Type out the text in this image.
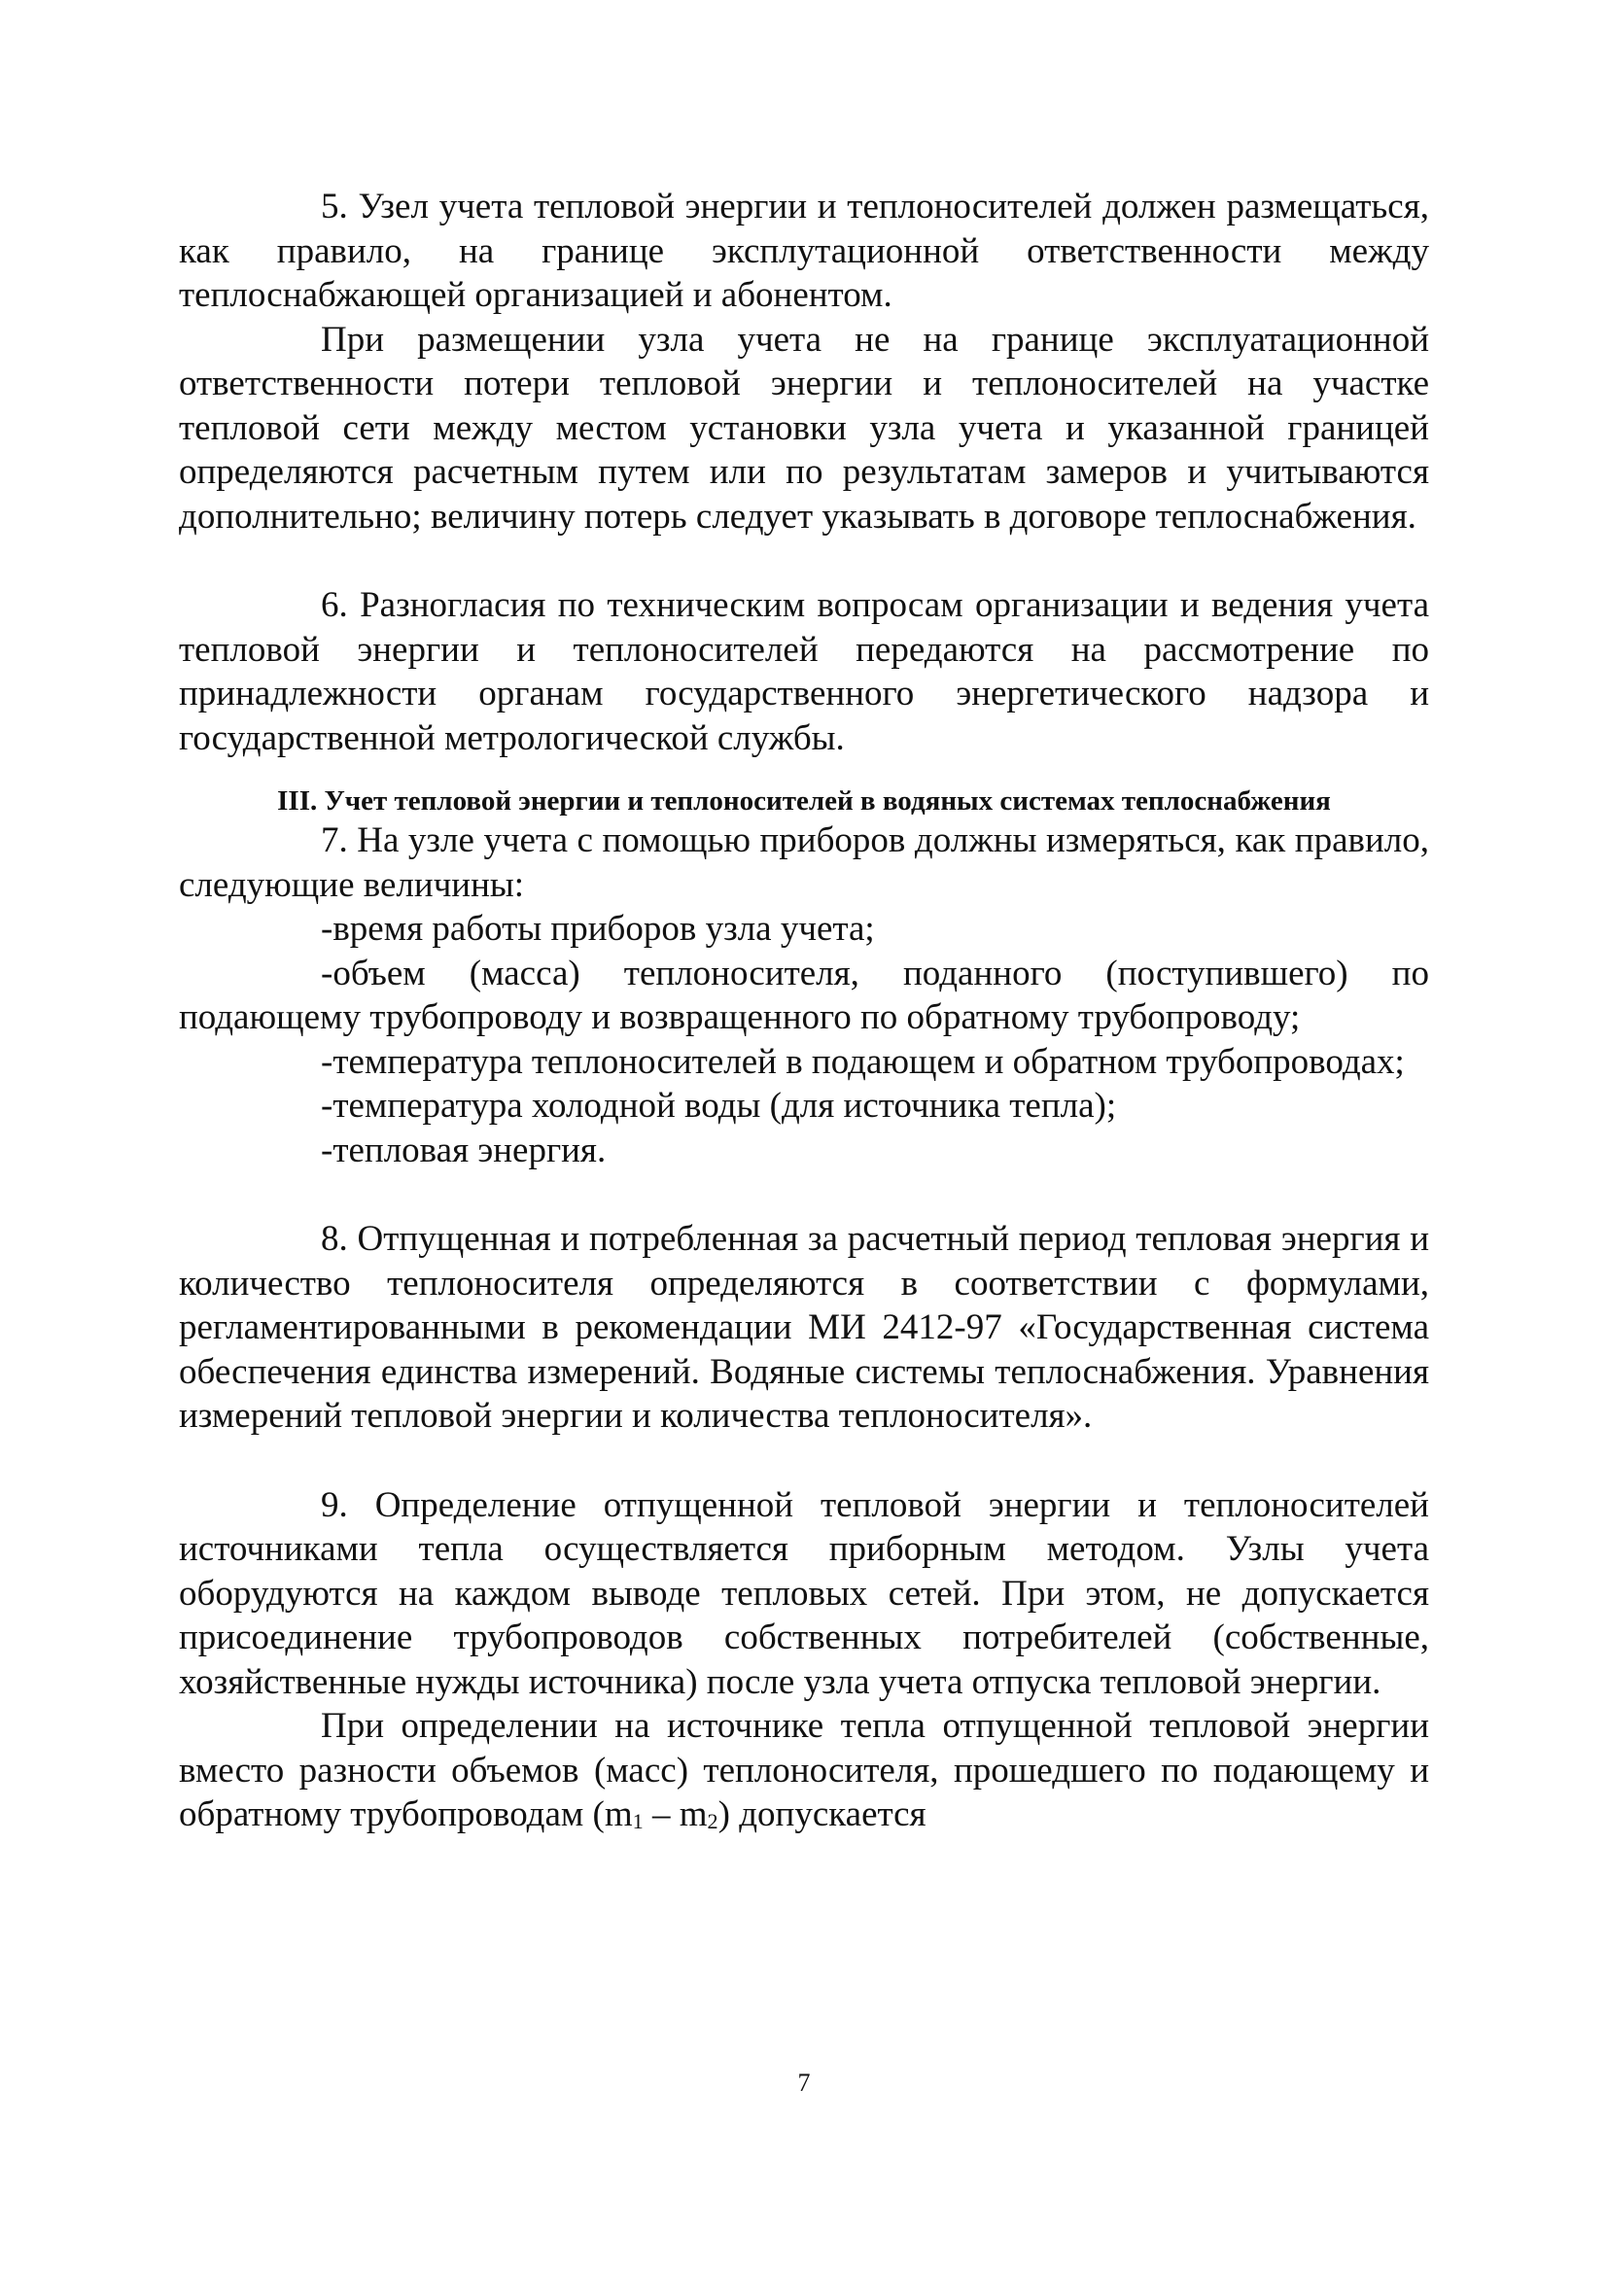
5. Узел учета тепловой энергии и теплоносителей должен размещаться, как правило, на границе эксплутационной ответственности между теплоснабжающей организацией и абонентом.

При размещении узла учета не на границе эксплуатационной ответственности потери тепловой энергии и теплоносителей на участке тепловой сети между местом установки узла учета и указанной границей определяются расчетным путем или по результатам замеров и учитываются дополнительно; величину потерь следует указывать в договоре теплоснабжения.

6. Разногласия по техническим вопросам организации и ведения учета тепловой энергии и теплоносителей передаются на рассмотрение по принадлежности органам государственного энергетического надзора и государственной метрологической службы.

III. Учет тепловой энергии и теплоносителей в водяных системах теплоснабжения

7. На узле учета с помощью приборов должны измеряться, как правило, следующие величины:

-время работы приборов узла учета;

-объем (масса) теплоносителя, поданного (поступившего) по подающему трубопроводу и возвращенного по обратному трубопроводу;

-температура теплоносителей в подающем и обратном трубопроводах;

-температура холодной воды (для источника тепла);

-тепловая энергия.

8. Отпущенная и потребленная за расчетный период тепловая энергия и количество теплоносителя определяются в соответствии с формулами, регламентированными в рекомендации МИ 2412-97 «Государственная система обеспечения единства измерений. Водяные системы теплоснабжения. Уравнения измерений тепловой энергии и количества теплоносителя».

9. Определение отпущенной тепловой энергии и теплоносителей источниками тепла осуществляется приборным методом. Узлы учета оборудуются на каждом выводе тепловых сетей. При этом, не допускается присоединение трубопроводов собственных потребителей (собственные, хозяйственные нужды источника) после узла учета отпуска тепловой энергии.

При определении на источнике тепла отпущенной тепловой энергии вместо разности объемов (масс) теплоносителя, прошедшего по подающему и обратному трубопроводам $(m_1 - m_2)$ допускается

7
